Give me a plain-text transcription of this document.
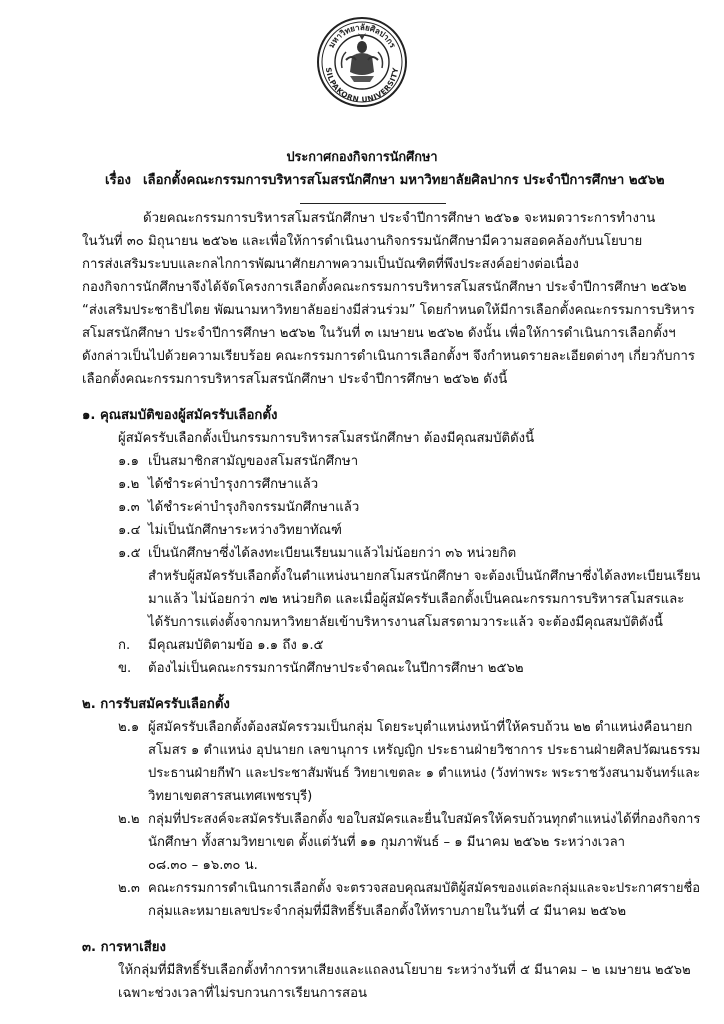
มหาวิทยาลัยศิลปากร
SILPAKORN UNIVERSITY
ประกาศกองกิจการนักศึกษา
เรื่อง เลือกตั้งคณะกรรมการบริหารสโมสรนักศึกษา มหาวิทยาลัยศิลปากร ประจำปีการศึกษา ๒๕๖๒
ด้วยคณะกรรมการบริหารสโมสรนักศึกษา ประจำปีการศึกษา ๒๕๖๑ จะหมดวาระการทำงาน
ในวันที่ ๓๐ มิถุนายน ๒๕๖๒ และเพื่อให้การดำเนินงานกิจกรรมนักศึกษามีความสอดคล้องกับนโยบาย
การส่งเสริมระบบและกลไกการพัฒนาศักยภาพความเป็นบัณฑิตที่พึงประสงค์อย่างต่อเนื่อง
กองกิจการนักศึกษาจึงได้จัดโครงการเลือกตั้งคณะกรรมการบริหารสโมสรนักศึกษา ประจำปีการศึกษา ๒๕๖๒
“ส่งเสริมประชาธิปไตย พัฒนามหาวิทยาลัยอย่างมีส่วนร่วม” โดยกำหนดให้มีการเลือกตั้งคณะกรรมการบริหาร
สโมสรนักศึกษา ประจำปีการศึกษา ๒๕๖๒ ในวันที่ ๓ เมษายน ๒๕๖๒ ดังนั้น เพื่อให้การดำเนินการเลือกตั้งฯ
ดังกล่าวเป็นไปด้วยความเรียบร้อย คณะกรรมการดำเนินการเลือกตั้งฯ จึงกำหนดรายละเอียดต่างๆ เกี่ยวกับการ
เลือกตั้งคณะกรรมการบริหารสโมสรนักศึกษา ประจำปีการศึกษา ๒๕๖๒ ดังนี้
๑. คุณสมบัติของผู้สมัครรับเลือกตั้ง
ผู้สมัครรับเลือกตั้งเป็นกรรมการบริหารสโมสรนักศึกษา ต้องมีคุณสมบัติดังนี้
๑.๑ เป็นสมาชิกสามัญของสโมสรนักศึกษา
๑.๒ ได้ชำระค่าบำรุงการศึกษาแล้ว
๑.๓ ได้ชำระค่าบำรุงกิจกรรมนักศึกษาแล้ว
๑.๔ ไม่เป็นนักศึกษาระหว่างวิทยาทัณฑ์
๑.๕ เป็นนักศึกษาซึ่งได้ลงทะเบียนเรียนมาแล้วไม่น้อยกว่า ๓๖ หน่วยกิต
สำหรับผู้สมัครรับเลือกตั้งในตำแหน่งนายกสโมสรนักศึกษา จะต้องเป็นนักศึกษาซึ่งได้ลงทะเบียนเรียน
มาแล้ว ไม่น้อยกว่า ๗๒ หน่วยกิต และเมื่อผู้สมัครรับเลือกตั้งเป็นคณะกรรมการบริหารสโมสรและ
ได้รับการแต่งตั้งจากมหาวิทยาลัยเข้าบริหารงานสโมสรตามวาระแล้ว จะต้องมีคุณสมบัติดังนี้
ก. มีคุณสมบัติตามข้อ ๑.๑ ถึง ๑.๕
ข. ต้องไม่เป็นคณะกรรมการนักศึกษาประจำคณะในปีการศึกษา ๒๕๖๒
๒. การรับสมัครรับเลือกตั้ง
๒.๑ ผู้สมัครรับเลือกตั้งต้องสมัครรวมเป็นกลุ่ม โดยระบุตำแหน่งหน้าที่ให้ครบถ้วน ๒๒ ตำแหน่งคือนายก
สโมสร ๑ ตำแหน่ง อุปนายก เลขานุการ เหรัญญิก ประธานฝ่ายวิชาการ ประธานฝ่ายศิลปวัฒนธรรม
ประธานฝ่ายกีฬา และประชาสัมพันธ์ วิทยาเขตละ ๑ ตำแหน่ง (วังท่าพระ พระราชวังสนามจันทร์และ
วิทยาเขตสารสนเทศเพชรบุรี)
๒.๒ กลุ่มที่ประสงค์จะสมัครรับเลือกตั้ง ขอใบสมัครและยื่นใบสมัครให้ครบถ้วนทุกตำแหน่งได้ที่กองกิจการ
นักศึกษา ทั้งสามวิทยาเขต ตั้งแต่วันที่ ๑๑ กุมภาพันธ์ – ๑ มีนาคม ๒๕๖๒ ระหว่างเวลา
๐๘.๓๐ – ๑๖.๓๐ น.
๒.๓ คณะกรรมการดำเนินการเลือกตั้ง จะตรวจสอบคุณสมบัติผู้สมัครของแต่ละกลุ่มและจะประกาศรายชื่อ
กลุ่มและหมายเลขประจำกลุ่มที่มีสิทธิ์รับเลือกตั้งให้ทราบภายในวันที่ ๔ มีนาคม ๒๕๖๒
๓. การหาเสียง
ให้กลุ่มที่มีสิทธิ์รับเลือกตั้งทำการหาเสียงและแถลงนโยบาย ระหว่างวันที่ ๕ มีนาคม – ๒ เมษายน ๒๕๖๒
เฉพาะช่วงเวลาที่ไม่รบกวนการเรียนการสอน
